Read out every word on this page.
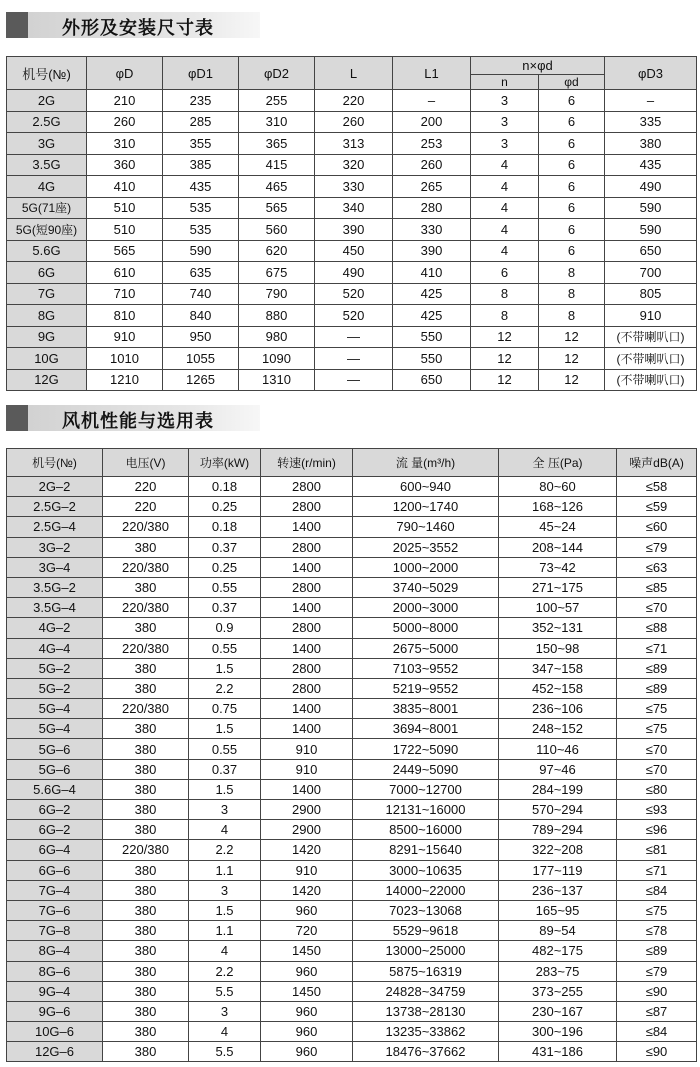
外形及安装尺寸表
机号(№)	φD	φD1	φD2	L	L1	n×φd		φD3
						n	φd	
2G	210	235	255	220	–	3	6	–
2.5G	260	285	310	260	200	3	6	335
3G	310	355	365	313	253	3	6	380
3.5G	360	385	415	320	260	4	6	435
4G	410	435	465	330	265	4	6	490
5G(71座)	510	535	565	340	280	4	6	590
5G(短90座)	510	535	560	390	330	4	6	590
5.6G	565	590	620	450	390	4	6	650
6G	610	635	675	490	410	6	8	700
7G	710	740	790	520	425	8	8	805
8G	810	840	880	520	425	8	8	910
9G	910	950	980	—	550	12	12	(不带喇叭口)
10G	1010	1055	1090	—	550	12	12	(不带喇叭口)
12G	1210	1265	1310	—	650	12	12	(不带喇叭口)
风机性能与选用表
机号(№)	电压(V)	功率(kW)	转速(r/min)	流 量(m³/h)	全 压(Pa)	噪声dB(A)
2G–2	220	0.18	2800	600~940	80~60	≤58
2.5G–2	220	0.25	2800	1200~1740	168~126	≤59
2.5G–4	220/380	0.18	1400	790~1460	45~24	≤60
3G–2	380	0.37	2800	2025~3552	208~144	≤79
3G–4	220/380	0.25	1400	1000~2000	73~42	≤63
3.5G–2	380	0.55	2800	3740~5029	271~175	≤85
3.5G–4	220/380	0.37	1400	2000~3000	100~57	≤70
4G–2	380	0.9	2800	5000~8000	352~131	≤88
4G–4	220/380	0.55	1400	2675~5000	150~98	≤71
5G–2	380	1.5	2800	7103~9552	347~158	≤89
5G–2	380	2.2	2800	5219~9552	452~158	≤89
5G–4	220/380	0.75	1400	3835~8001	236~106	≤75
5G–4	380	1.5	1400	3694~8001	248~152	≤75
5G–6	380	0.55	910	1722~5090	110~46	≤70
5G–6	380	0.37	910	2449~5090	97~46	≤70
5.6G–4	380	1.5	1400	7000~12700	284~199	≤80
6G–2	380	3	2900	12131~16000	570~294	≤93
6G–2	380	4	2900	8500~16000	789~294	≤96
6G–4	220/380	2.2	1420	8291~15640	322~208	≤81
6G–6	380	1.1	910	3000~10635	177~119	≤71
7G–4	380	3	1420	14000~22000	236~137	≤84
7G–6	380	1.5	960	7023~13068	165~95	≤75
7G–8	380	1.1	720	5529~9618	89~54	≤78
8G–4	380	4	1450	13000~25000	482~175	≤89
8G–6	380	2.2	960	5875~16319	283~75	≤79
9G–4	380	5.5	1450	24828~34759	373~255	≤90
9G–6	380	3	960	13738~28130	230~167	≤87
10G–6	380	4	960	13235~33862	300~196	≤84
12G–6	380	5.5	960	18476~37662	431~186	≤90
